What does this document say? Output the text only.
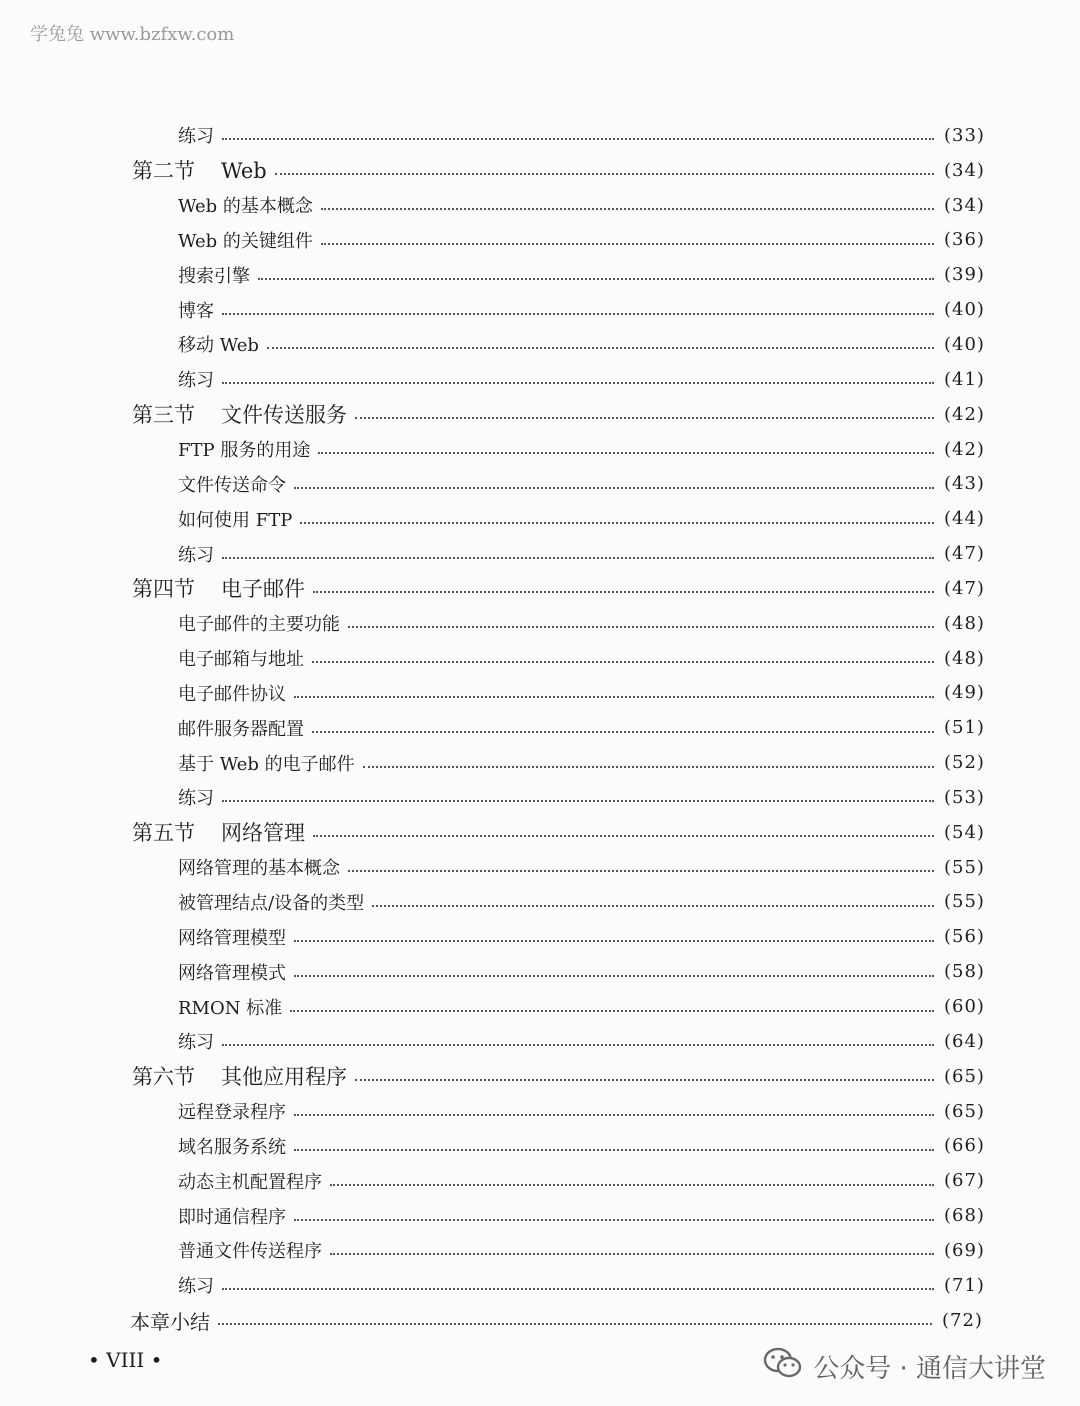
学兔兔 www.bzfxw.com
练习	(33)
第二节 Web	(34)
Web 的基本概念	(34)
Web 的关键组件	(36)
搜索引擎	(39)
博客	(40)
移动 Web	(40)
练习	(41)
第三节 文件传送服务	(42)
FTP 服务的用途	(42)
文件传送命令	(43)
如何使用 FTP	(44)
练习	(47)
第四节 电子邮件	(47)
电子邮件的主要功能	(48)
电子邮箱与地址	(48)
电子邮件协议	(49)
邮件服务器配置	(51)
基于 Web 的电子邮件	(52)
练习	(53)
第五节 网络管理	(54)
网络管理的基本概念	(55)
被管理结点/设备的类型	(55)
网络管理模型	(56)
网络管理模式	(58)
RMON 标准	(60)
练习	(64)
第六节 其他应用程序	(65)
远程登录程序	(65)
域名服务系统	(66)
动态主机配置程序	(67)
即时通信程序	(68)
普通文件传送程序	(69)
练习	(71)
本章小结	(72)
• VIII •	公众号 · 通信大讲堂
